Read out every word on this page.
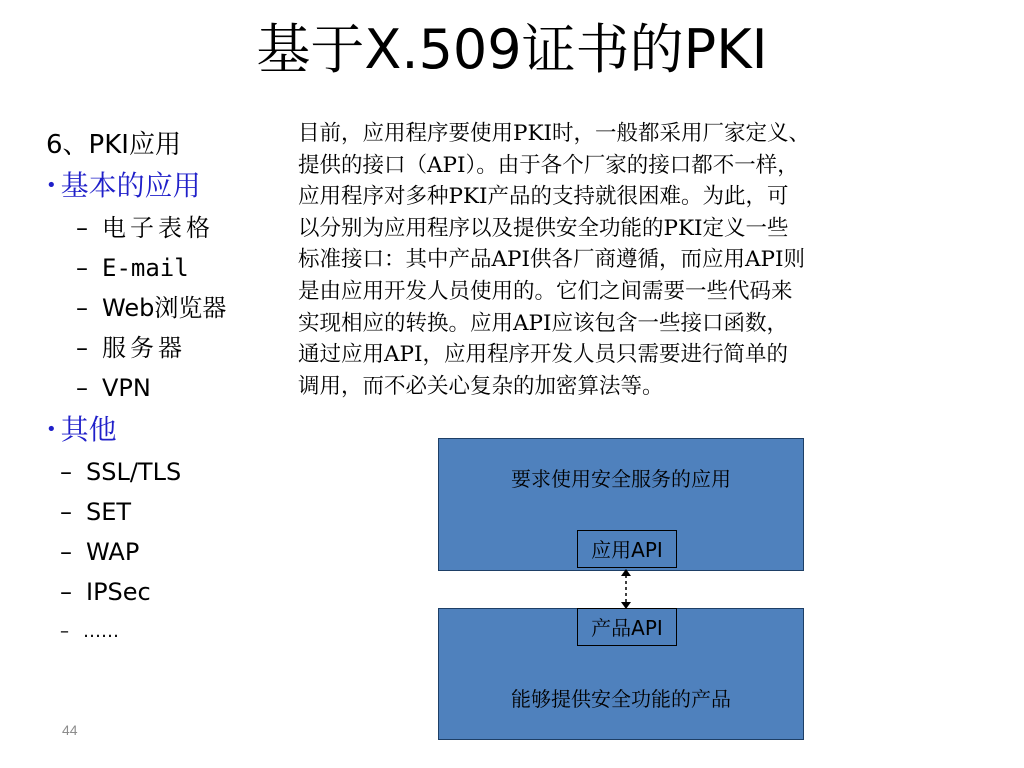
基于X.509证书的PKI
6、PKI应用
• 基本的应用
– 电子表格
– E-mail
– Web浏览器
– 服务器
– VPN
• 其他
– SSL/TLS
– SET
– WAP
– IPSec
– ……

目前，应用程序要使用PKI时，一般都采用厂家定义、

提供的接口（API）。由于各个厂家的接口都不一样，

应用程序对多种PKI产品的支持就很困难。为此，可

以分别为应用程序以及提供安全功能的PKI定义一些

标准接口：其中产品API供各厂商遵循，而应用API则

是由应用开发人员使用的。它们之间需要一些代码来

实现相应的转换。应用API应该包含一些接口函数，

通过应用API，应用程序开发人员只需要进行简单的

调用，而不必关心复杂的加密算法等。

要求使用安全服务的应用
应用API
产品API
能够提供安全功能的产品
44
